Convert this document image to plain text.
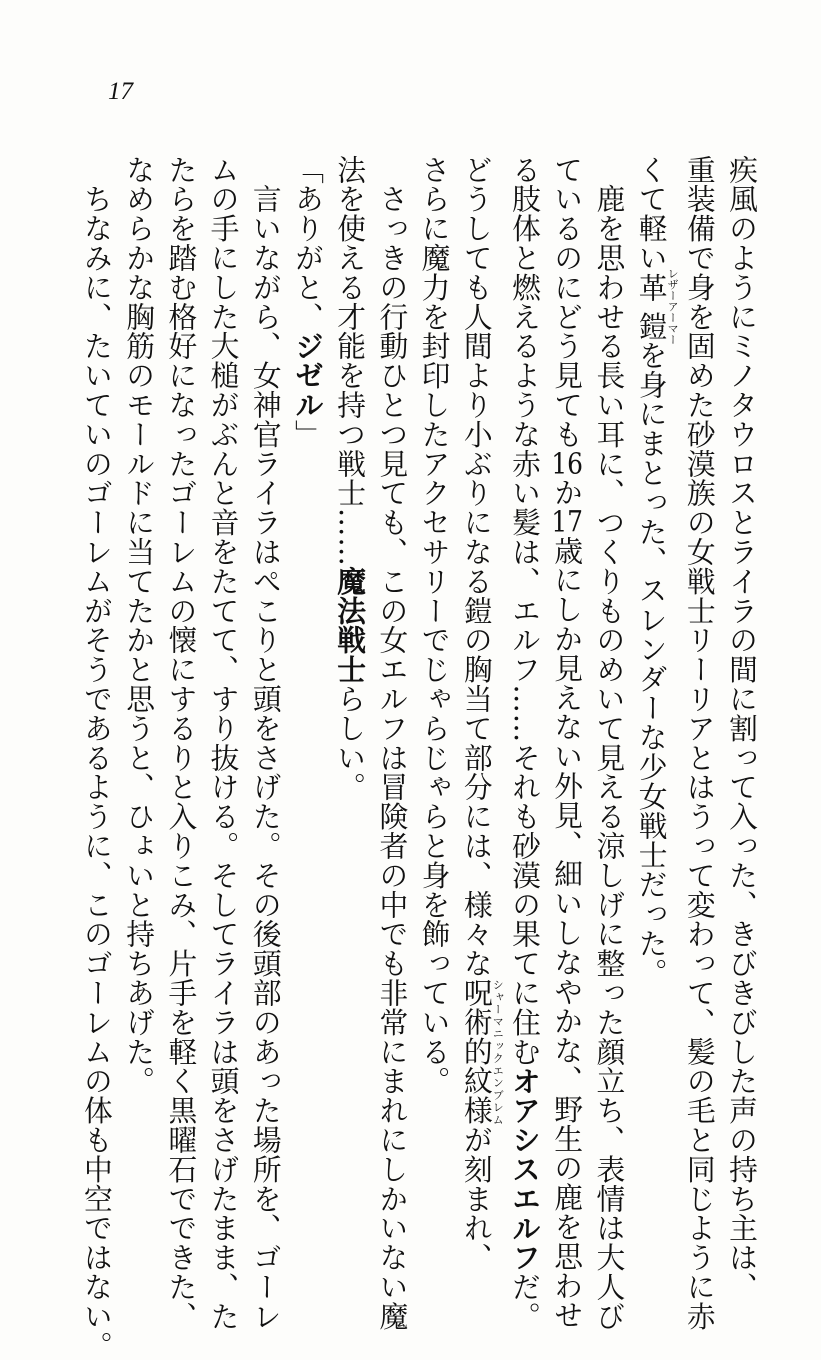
17
疾風のようにミノタウロスとライラの間に割って入った、きびきびした声の持ち主は、
重装備で身を固めた砂漠族の女戦士リーリアとはうって変わって、髪の毛と同じように赤
くて軽い革鎧レザーアーマーを身にまとった、スレンダーな少女戦士だった。
　鹿を思わせる長い耳に、つくりものめいて見える涼しげに整った顔立ち、表情は大人び
ているのにどう見ても16か17歳にしか見えない外見、細いしなやかな、野生の鹿を思わせ
る肢体と燃えるような赤い髪は、エルフ……それも砂漠の果てに住むオアシスエルフだ。
どうしても人間より小ぶりになる鎧の胸当て部分には、様々な呪術的紋様シャーマニックエンブレムが刻まれ、
さらに魔力を封印したアクセサリーでじゃらじゃらと身を飾っている。
　さっきの行動ひとつ見ても、この女エルフは冒険者の中でも非常にまれにしかいない魔
法を使える才能を持つ戦士……魔法戦士らしい。
「ありがと、ジゼル」
　言いながら、女神官ライラはぺこりと頭をさげた。その後頭部のあった場所を、ゴーレ
ムの手にした大槌がぶんと音をたてて、すり抜ける。そしてライラは頭をさげたまま、た
たらを踏む格好になったゴーレムの懐にするりと入りこみ、片手を軽く黒曜石でできた、
なめらかな胸筋のモールドに当てたかと思うと、ひょいと持ちあげた。
　ちなみに、たいていのゴーレムがそうであるように、このゴーレムの体も中空ではない。
